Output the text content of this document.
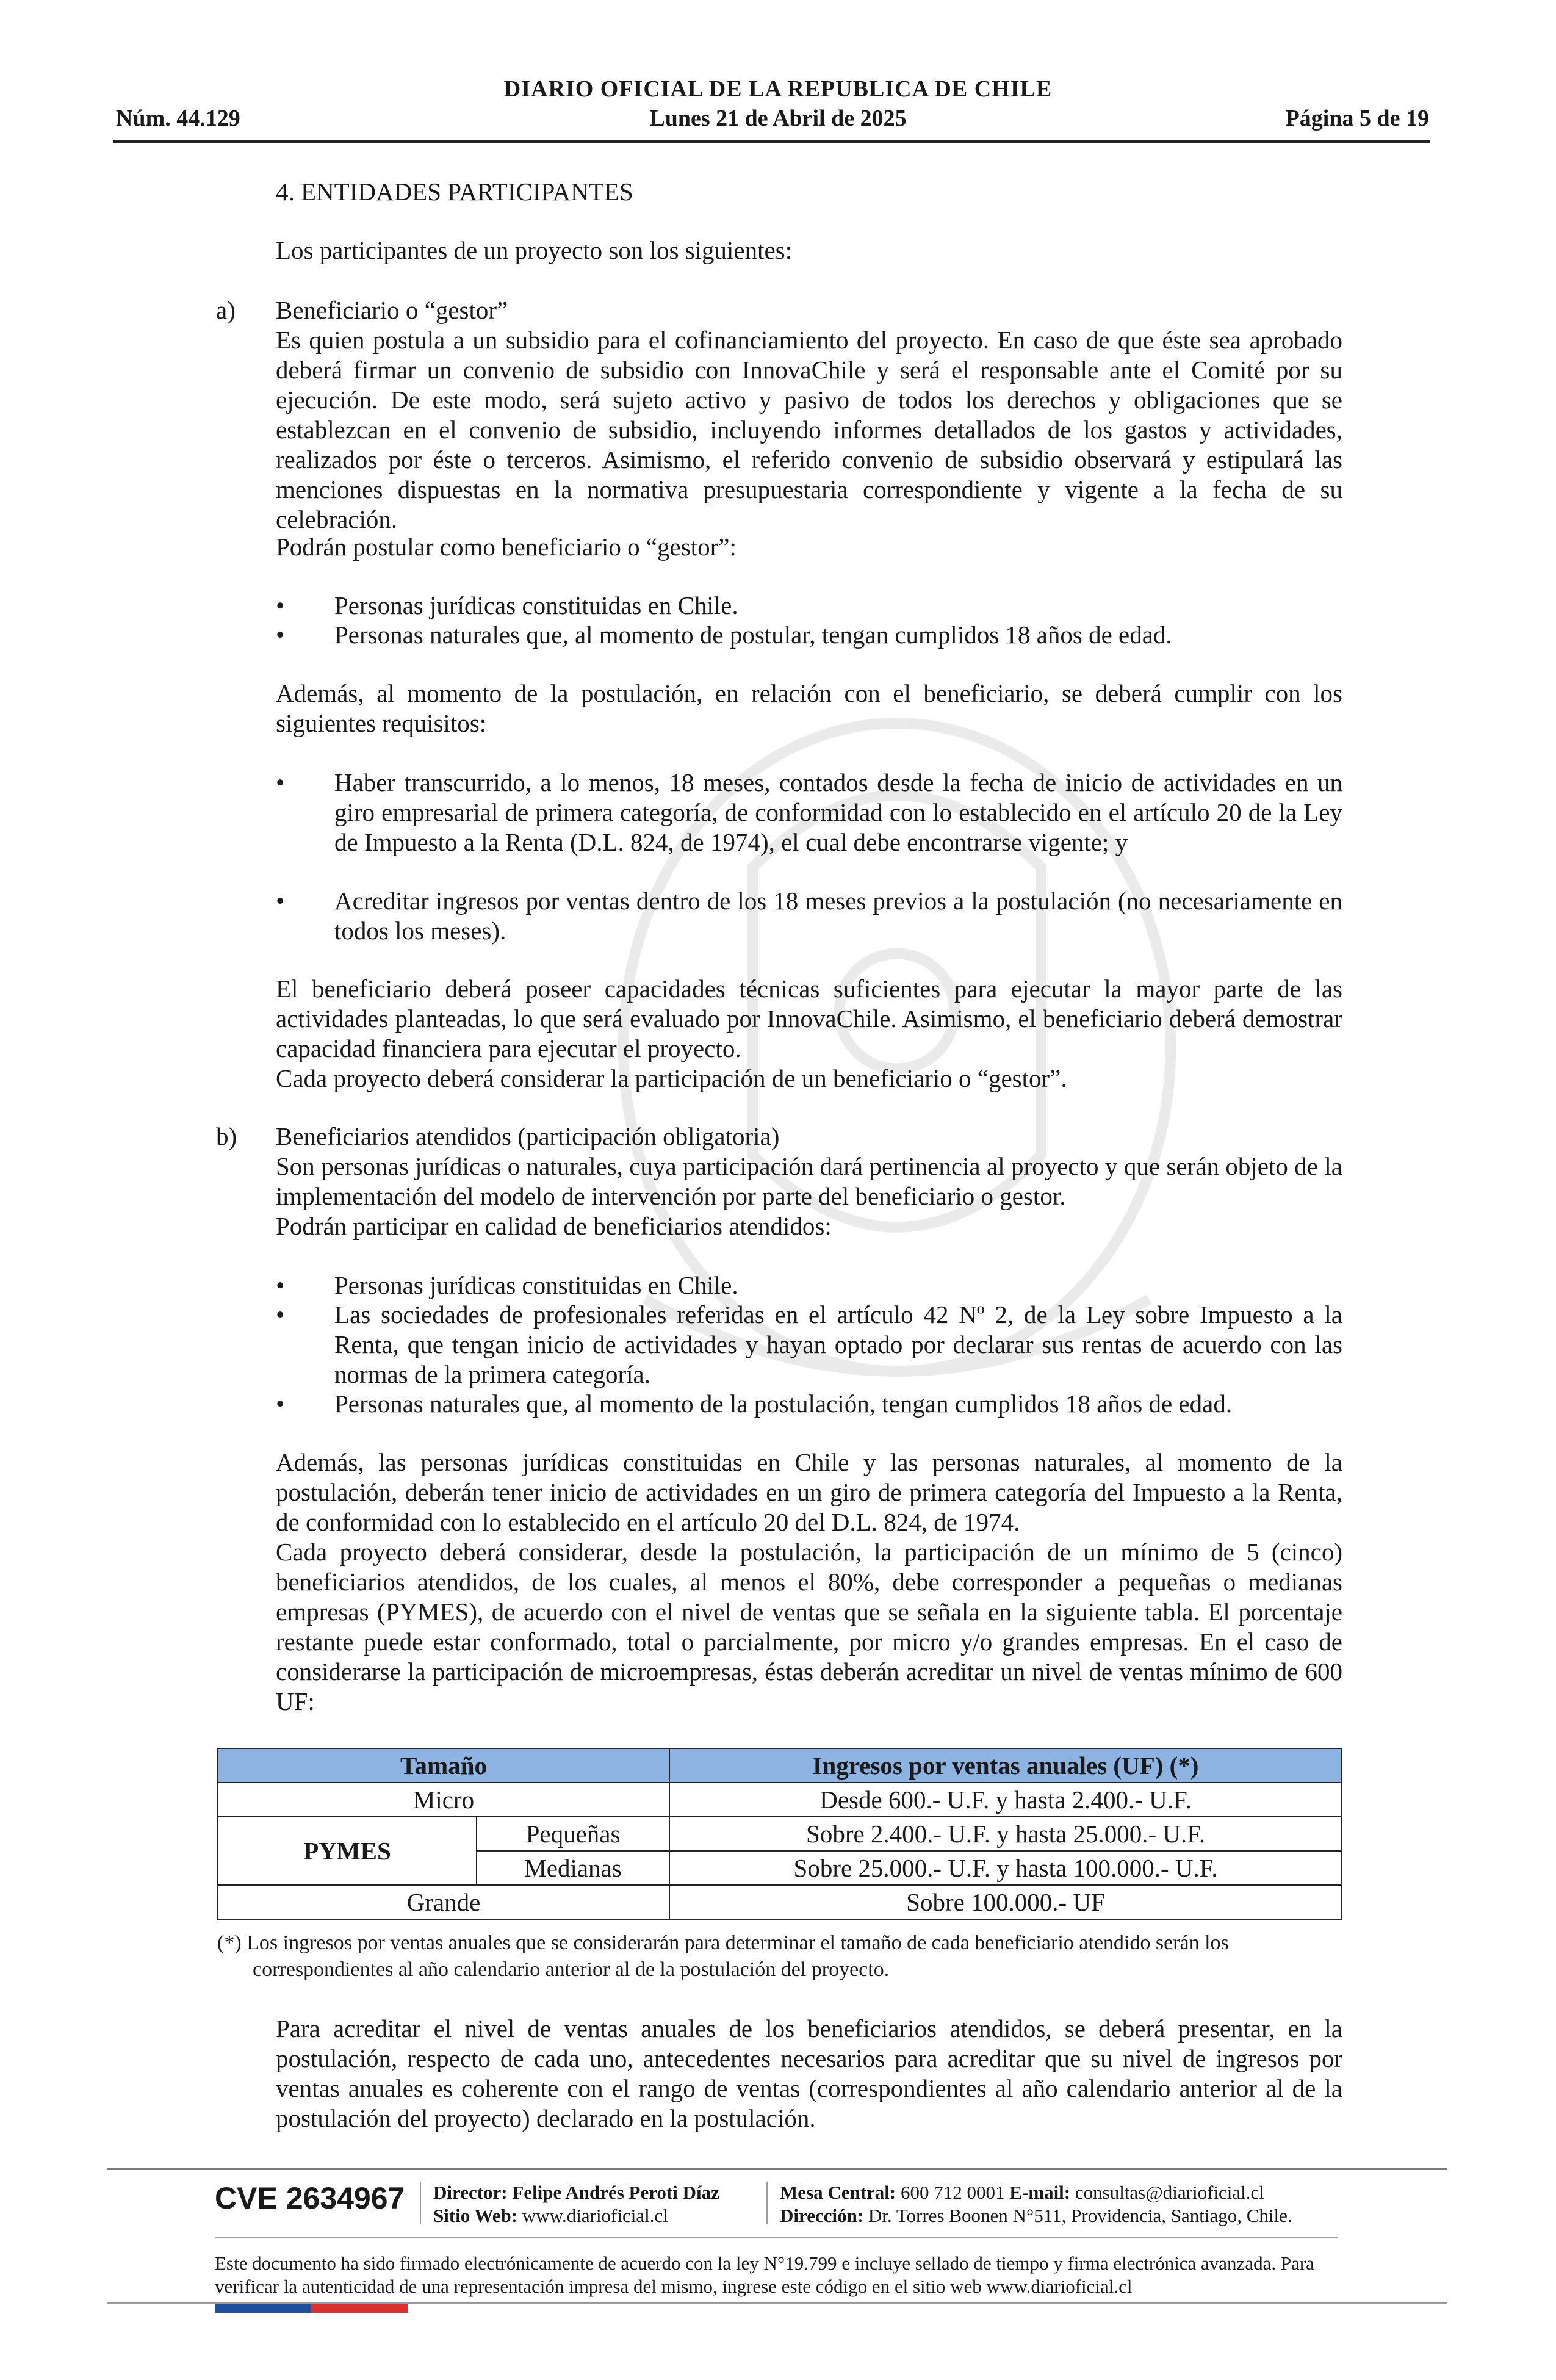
DIARIO OFICIAL DE LA REPUBLICA DE CHILE
Núm. 44.129	Lunes 21 de Abril de 2025	Página 5 de 19
4. ENTIDADES PARTICIPANTES
Los participantes de un proyecto son los siguientes:
a) Beneficiario o “gestor”
Es quien postula a un subsidio para el cofinanciamiento del proyecto. En caso de que éste sea aprobado deberá firmar un convenio de subsidio con InnovaChile y será el responsable ante el Comité por su ejecución. De este modo, será sujeto activo y pasivo de todos los derechos y obligaciones que se establezcan en el convenio de subsidio, incluyendo informes detallados de los gastos y actividades, realizados por éste o terceros. Asimismo, el referido convenio de subsidio observará y estipulará las menciones dispuestas en la normativa presupuestaria correspondiente y vigente a la fecha de su celebración.
Podrán postular como beneficiario o “gestor”:
• Personas jurídicas constituidas en Chile.
• Personas naturales que, al momento de postular, tengan cumplidos 18 años de edad.
Además, al momento de la postulación, en relación con el beneficiario, se deberá cumplir con los siguientes requisitos:
• Haber transcurrido, a lo menos, 18 meses, contados desde la fecha de inicio de actividades en un giro empresarial de primera categoría, de conformidad con lo establecido en el artículo 20 de la Ley de Impuesto a la Renta (D.L. 824, de 1974), el cual debe encontrarse vigente; y
• Acreditar ingresos por ventas dentro de los 18 meses previos a la postulación (no necesariamente en todos los meses).
El beneficiario deberá poseer capacidades técnicas suficientes para ejecutar la mayor parte de las actividades planteadas, lo que será evaluado por InnovaChile. Asimismo, el beneficiario deberá demostrar capacidad financiera para ejecutar el proyecto.
Cada proyecto deberá considerar la participación de un beneficiario o “gestor”.
b) Beneficiarios atendidos (participación obligatoria)
Son personas jurídicas o naturales, cuya participación dará pertinencia al proyecto y que serán objeto de la implementación del modelo de intervención por parte del beneficiario o gestor.
Podrán participar en calidad de beneficiarios atendidos:
• Personas jurídicas constituidas en Chile.
• Las sociedades de profesionales referidas en el artículo 42 Nº 2, de la Ley sobre Impuesto a la Renta, que tengan inicio de actividades y hayan optado por declarar sus rentas de acuerdo con las normas de la primera categoría.
• Personas naturales que, al momento de la postulación, tengan cumplidos 18 años de edad.
Además, las personas jurídicas constituidas en Chile y las personas naturales, al momento de la postulación, deberán tener inicio de actividades en un giro de primera categoría del Impuesto a la Renta, de conformidad con lo establecido en el artículo 20 del D.L. 824, de 1974.
Cada proyecto deberá considerar, desde la postulación, la participación de un mínimo de 5 (cinco) beneficiarios atendidos, de los cuales, al menos el 80%, debe corresponder a pequeñas o medianas empresas (PYMES), de acuerdo con el nivel de ventas que se señala en la siguiente tabla. El porcentaje restante puede estar conformado, total o parcialmente, por micro y/o grandes empresas. En el caso de considerarse la participación de microempresas, éstas deberán acreditar un nivel de ventas mínimo de 600 UF:
Tamaño		Ingresos por ventas anuales (UF) (*)
Micro		Desde 600.- U.F. y hasta 2.400.- U.F.
PYMES	Pequeñas	Sobre 2.400.- U.F. y hasta 25.000.- U.F.
	Medianas	Sobre 25.000.- U.F. y hasta 100.000.- U.F.
Grande		Sobre 100.000.- UF
(*) Los ingresos por ventas anuales que se considerarán para determinar el tamaño de cada beneficiario atendido serán los correspondientes al año calendario anterior al de la postulación del proyecto.
Para acreditar el nivel de ventas anuales de los beneficiarios atendidos, se deberá presentar, en la postulación, respecto de cada uno, antecedentes necesarios para acreditar que su nivel de ingresos por ventas anuales es coherente con el rango de ventas (correspondientes al año calendario anterior al de la postulación del proyecto) declarado en la postulación.
CVE 2634967 Director: Felipe Andrés Peroti Díaz
Sitio Web: www.diarioficial.cl
Mesa Central: 600 712 0001 E-mail: consultas@diarioficial.cl
Dirección: Dr. Torres Boonen N°511, Providencia, Santiago, Chile.
Este documento ha sido firmado electrónicamente de acuerdo con la ley N°19.799 e incluye sellado de tiempo y firma electrónica avanzada. Para verificar la autenticidad de una representación impresa del mismo, ingrese este código en el sitio web www.diarioficial.cl
